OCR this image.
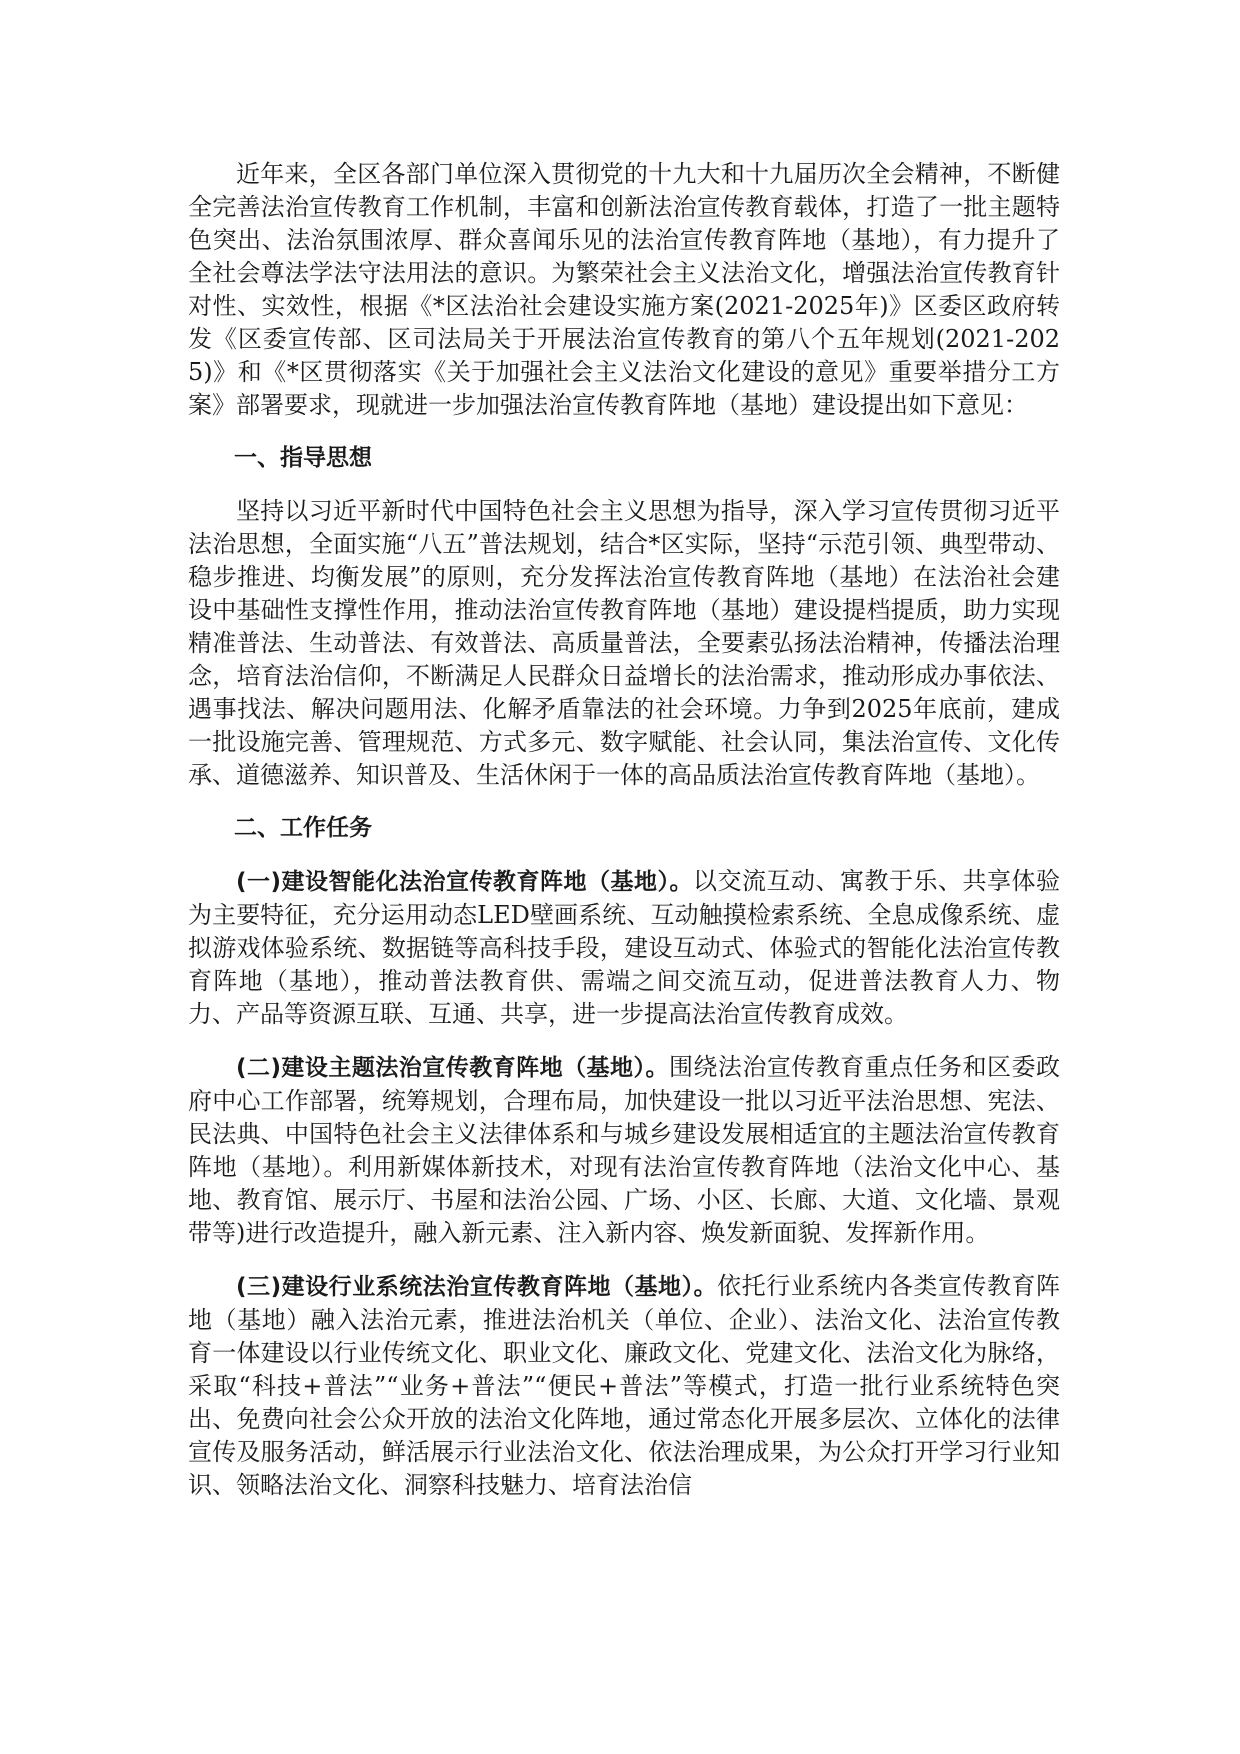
近年来，全区各部门单位深入贯彻党的十九大和十九届历次全会精神，不断健全完善法治宣传教育工作机制，丰富和创新法治宣传教育载体，打造了一批主题特色突出、法治氛围浓厚、群众喜闻乐见的法治宣传教育阵地（基地），有力提升了全社会尊法学法守法用法的意识。为繁荣社会主义法治文化，增强法治宣传教育针对性、实效性，根据《*区法治社会建设实施方案(2021-2025年)》区委区政府转发《区委宣传部、区司法局关于开展法治宣传教育的第八个五年规划(2021-2025)》和《*区贯彻落实《关于加强社会主义法治文化建设的意见》重要举措分工方案》部署要求，现就进一步加强法治宣传教育阵地（基地）建设提出如下意见：

一、指导思想

坚持以习近平新时代中国特色社会主义思想为指导，深入学习宣传贯彻习近平法治思想，全面实施“八五”普法规划，结合*区实际，坚持“示范引领、典型带动、稳步推进、均衡发展”的原则，充分发挥法治宣传教育阵地（基地）在法治社会建设中基础性支撑性作用，推动法治宣传教育阵地（基地）建设提档提质，助力实现精准普法、生动普法、有效普法、高质量普法，全要素弘扬法治精神，传播法治理念，培育法治信仰，不断满足人民群众日益增长的法治需求，推动形成办事依法、遇事找法、解决问题用法、化解矛盾靠法的社会环境。力争到2025年底前，建成一批设施完善、管理规范、方式多元、数字赋能、社会认同，集法治宣传、文化传承、道德滋养、知识普及、生活休闲于一体的高品质法治宣传教育阵地（基地）。

二、工作任务

(一)建设智能化法治宣传教育阵地（基地）。以交流互动、寓教于乐、共享体验为主要特征，充分运用动态LED壁画系统、互动触摸检索系统、全息成像系统、虚拟游戏体验系统、数据链等高科技手段，建设互动式、体验式的智能化法治宣传教育阵地（基地），推动普法教育供、需端之间交流互动，促进普法教育人力、物力、产品等资源互联、互通、共享，进一步提高法治宣传教育成效。

(二)建设主题法治宣传教育阵地（基地）。围绕法治宣传教育重点任务和区委政府中心工作部署，统筹规划，合理布局，加快建设一批以习近平法治思想、宪法、民法典、中国特色社会主义法律体系和与城乡建设发展相适宜的主题法治宣传教育阵地（基地）。利用新媒体新技术，对现有法治宣传教育阵地（法治文化中心、基地、教育馆、展示厅、书屋和法治公园、广场、小区、长廊、大道、文化墙、景观带等)进行改造提升，融入新元素、注入新内容、焕发新面貌、发挥新作用。

(三)建设行业系统法治宣传教育阵地（基地）。依托行业系统内各类宣传教育阵地（基地）融入法治元素，推进法治机关（单位、企业）、法治文化、法治宣传教育一体建设以行业传统文化、职业文化、廉政文化、党建文化、法治文化为脉络，采取“科技+普法”“业务+普法”“便民+普法”等模式，打造一批行业系统特色突出、免费向社会公众开放的法治文化阵地，通过常态化开展多层次、立体化的法律宣传及服务活动，鲜活展示行业法治文化、依法治理成果，为公众打开学习行业知识、领略法治文化、洞察科技魅力、培育法治信
